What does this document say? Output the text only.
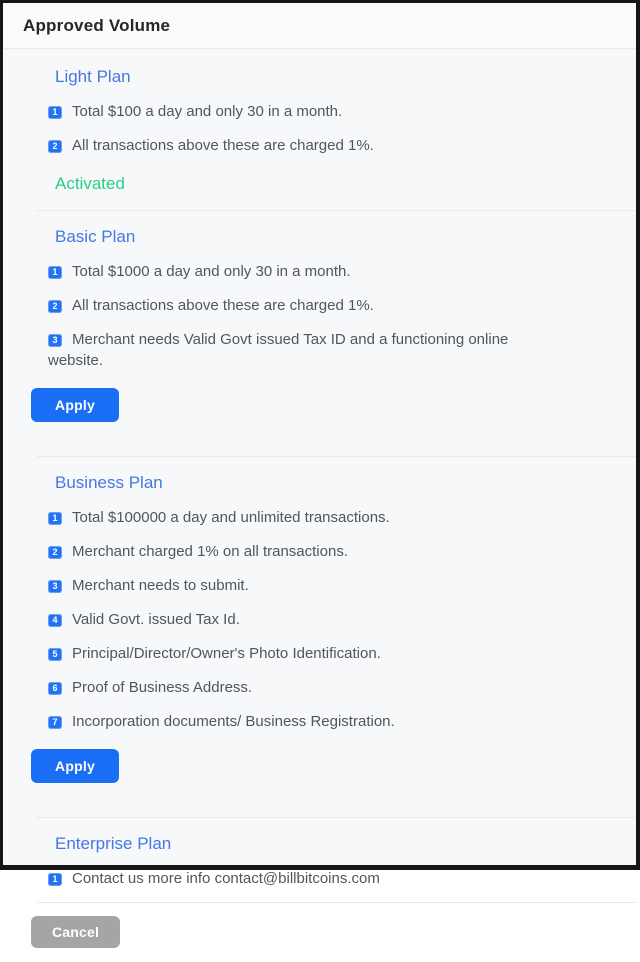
Approved Volume
Light Plan

1 Total $100 a day and only 30 in a month.

2 All transactions above these are charged 1%.

Activated
Basic Plan

1 Total $1000 a day and only 30 in a month.

2 All transactions above these are charged 1%.

3 Merchant needs Valid Govt issued Tax ID and a functioning online website.

Apply
Business Plan

1 Total $100000 a day and unlimited transactions.

2 Merchant charged 1% on all transactions.

3 Merchant needs to submit.

4 Valid Govt. issued Tax Id.

5 Principal/Director/Owner's Photo Identification.

6 Proof of Business Address.

7 Incorporation documents/ Business Registration.

Apply
Enterprise Plan

1 Contact us more info contact@billbitcoins.com

Cancel
